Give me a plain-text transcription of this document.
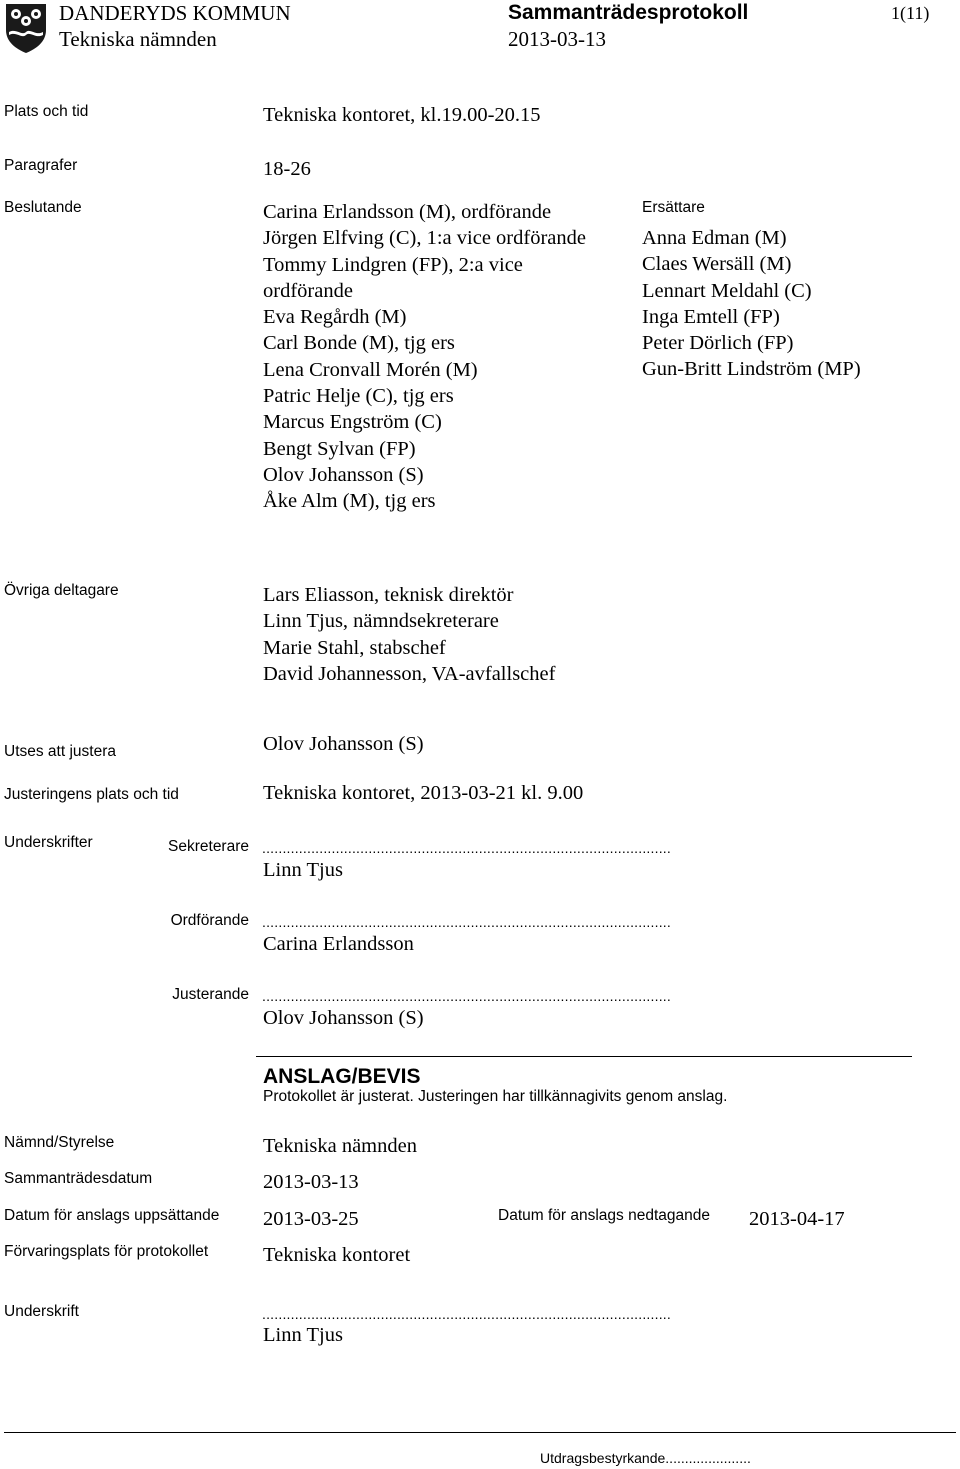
DANDERYDS KOMMUN
Tekniska nämnden
Sammanträdesprotokoll
2013-03-13
1(11)
Plats och tid	Tekniska kontoret, kl.19.00-20.15
Paragrafer	18-26
Beslutande	Carina Erlandsson (M), ordförande
Jörgen Elfving (C), 1:a vice ordförande
Tommy Lindgren (FP), 2:a vice
ordförande
Eva Regårdh (M)
Carl Bonde (M), tjg ers
Lena Cronvall Morén (M)
Patric Helje (C), tjg ers
Marcus Engström (C)
Bengt Sylvan (FP)
Olov Johansson (S)
Åke Alm (M), tjg ers
Ersättare
Anna Edman (M)
Claes Wersäll (M)
Lennart Meldahl (C)
Inga Emtell (FP)
Peter Dörlich (FP)
Gun-Britt Lindström (MP)
Övriga deltagare	Lars Eliasson, teknisk direktör
Linn Tjus, nämndsekreterare
Marie Stahl, stabschef
David Johannesson, VA-avfallschef
Utses att justera	Olov Johansson (S)
Justeringens plats och tid	Tekniska kontoret, 2013-03-21 kl. 9.00
Underskrifter	Sekreterare ....................................................................................................
Linn Tjus
Ordförande ....................................................................................................
Carina Erlandsson
Justerande ....................................................................................................
Olov Johansson (S)
ANSLAG/BEVIS
Protokollet är justerat. Justeringen har tillkännagivits genom anslag.
Nämnd/Styrelse	Tekniska nämnden
Sammanträdesdatum	2013-03-13
Datum för anslags uppsättande 2013-03-25	Datum för anslags nedtagande 2013-04-17
Förvaringsplats för protokollet	Tekniska kontoret
Underskrift	....................................................................................................
Linn Tjus
Utdragsbestyrkande......................
